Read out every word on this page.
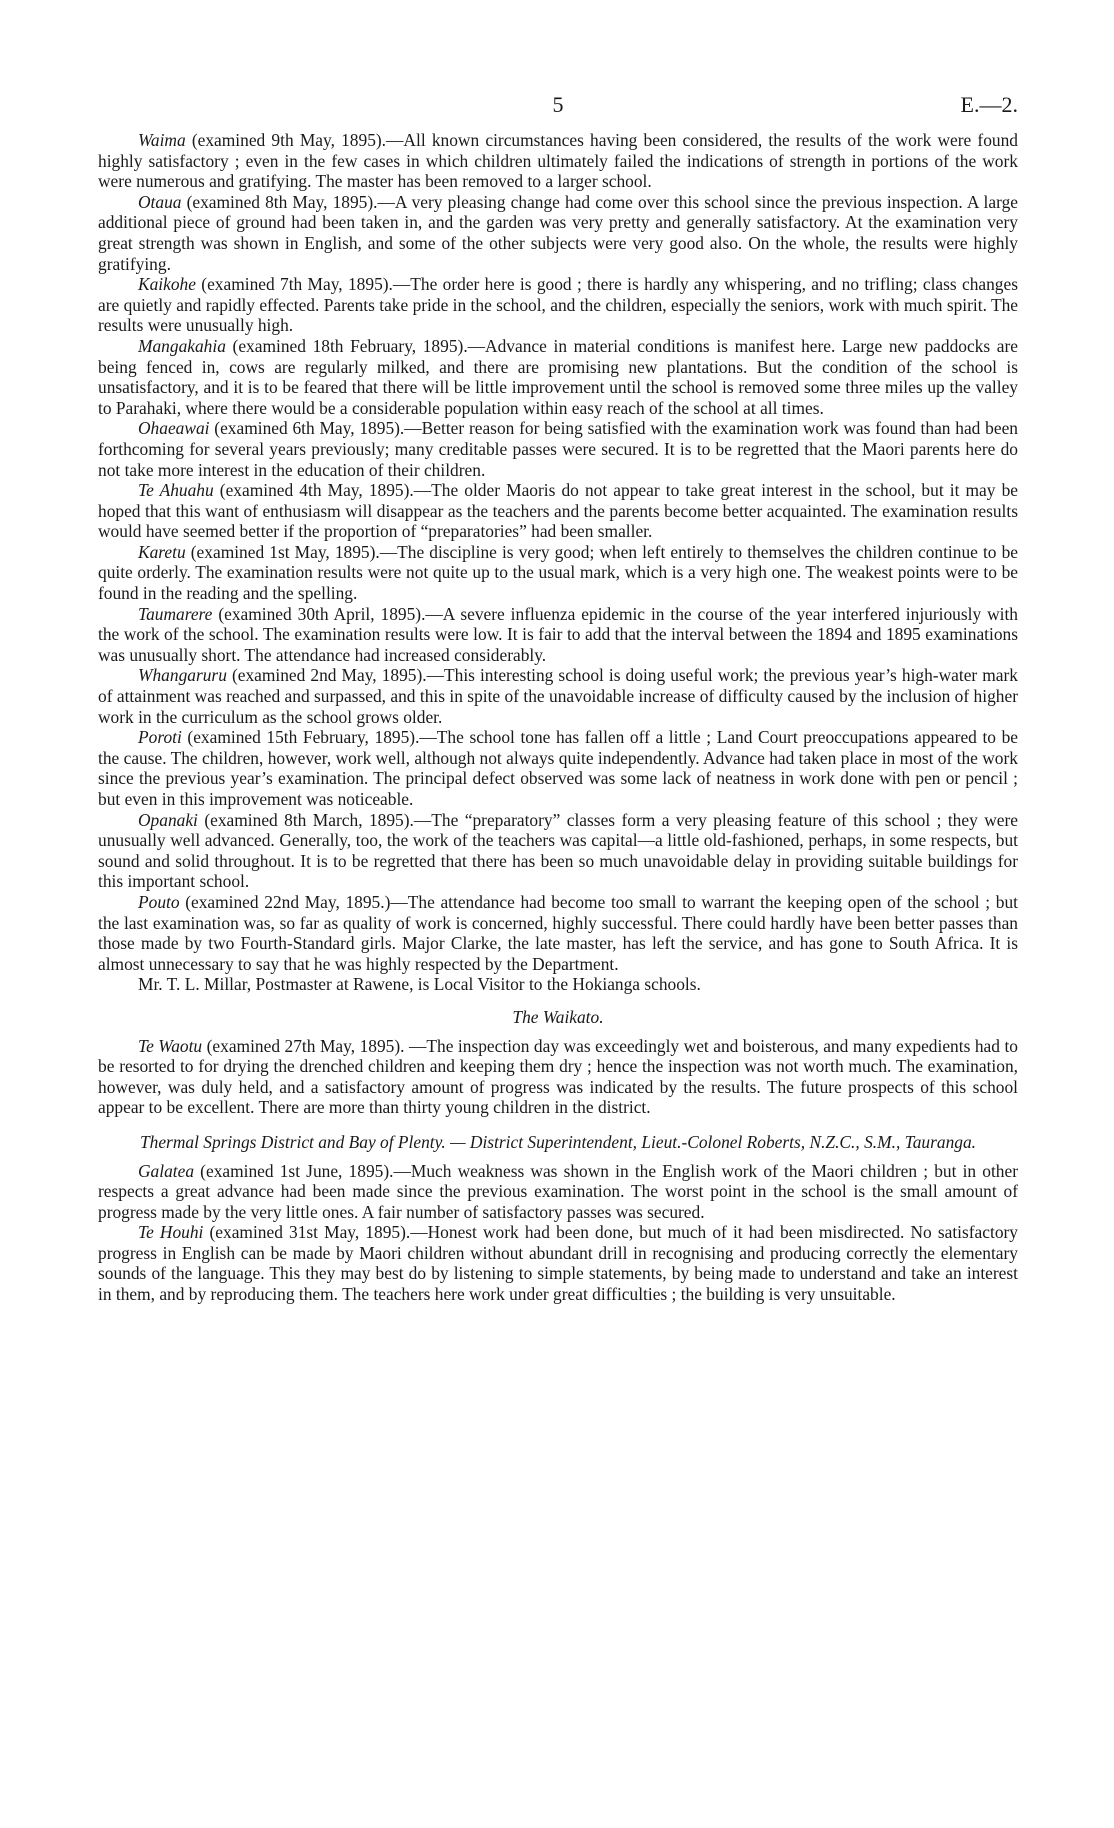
5	E.—2.

Waima (examined 9th May, 1895).—All known circumstances having been considered, the results of the work were found highly satisfactory ; even in the few cases in which children ultimately failed the indications of strength in portions of the work were numerous and gratifying. The master has been removed to a larger school.

Otaua (examined 8th May, 1895).—A very pleasing change had come over this school since the previous inspection. A large additional piece of ground had been taken in, and the garden was very pretty and generally satisfactory. At the examination very great strength was shown in English, and some of the other subjects were very good also. On the whole, the results were highly gratifying.

Kaikohe (examined 7th May, 1895).—The order here is good ; there is hardly any whispering, and no trifling; class changes are quietly and rapidly effected. Parents take pride in the school, and the children, especially the seniors, work with much spirit. The results were unusually high.

Mangakahia (examined 18th February, 1895).—Advance in material conditions is manifest here. Large new paddocks are being fenced in, cows are regularly milked, and there are promising new plantations. But the condition of the school is unsatisfactory, and it is to be feared that there will be little improvement until the school is removed some three miles up the valley to Parahaki, where there would be a considerable population within easy reach of the school at all times.

Ohaeawai (examined 6th May, 1895).—Better reason for being satisfied with the examination work was found than had been forthcoming for several years previously; many creditable passes were secured. It is to be regretted that the Maori parents here do not take more interest in the education of their children.

Te Ahuahu (examined 4th May, 1895).—The older Maoris do not appear to take great interest in the school, but it may be hoped that this want of enthusiasm will disappear as the teachers and the parents become better acquainted. The examination results would have seemed better if the proportion of “preparatories” had been smaller.

Karetu (examined 1st May, 1895).—The discipline is very good; when left entirely to themselves the children continue to be quite orderly. The examination results were not quite up to the usual mark, which is a very high one. The weakest points were to be found in the reading and the spelling.

Taumarere (examined 30th April, 1895).—A severe influenza epidemic in the course of the year interfered injuriously with the work of the school. The examination results were low. It is fair to add that the interval between the 1894 and 1895 examinations was unusually short. The attendance had increased considerably.

Whangaruru (examined 2nd May, 1895).—This interesting school is doing useful work; the previous year’s high-water mark of attainment was reached and surpassed, and this in spite of the unavoidable increase of difficulty caused by the inclusion of higher work in the curriculum as the school grows older.

Poroti (examined 15th February, 1895).—The school tone has fallen off a little ; Land Court preoccupations appeared to be the cause. The children, however, work well, although not always quite independently. Advance had taken place in most of the work since the previous year’s examination. The principal defect observed was some lack of neatness in work done with pen or pencil ; but even in this improvement was noticeable.

Opanaki (examined 8th March, 1895).—The “preparatory” classes form a very pleasing feature of this school ; they were unusually well advanced. Generally, too, the work of the teachers was capital—a little old-fashioned, perhaps, in some respects, but sound and solid throughout. It is to be regretted that there has been so much unavoidable delay in providing suitable buildings for this important school.

Pouto (examined 22nd May, 1895.)—The attendance had become too small to warrant the keeping open of the school ; but the last examination was, so far as quality of work is concerned, highly successful. There could hardly have been better passes than those made by two Fourth-Standard girls. Major Clarke, the late master, has left the service, and has gone to South Africa. It is almost unnecessary to say that he was highly respected by the Department.

Mr. T. L. Millar, Postmaster at Rawene, is Local Visitor to the Hokianga schools.

The Waikato.

Te Waotu (examined 27th May, 1895). —The inspection day was exceedingly wet and boisterous, and many expedients had to be resorted to for drying the drenched children and keeping them dry ; hence the inspection was not worth much. The examination, however, was duly held, and a satisfactory amount of progress was indicated by the results. The future prospects of this school appear to be excellent. There are more than thirty young children in the district.

Thermal Springs District and Bay of Plenty. — District Superintendent, Lieut.-Colonel Roberts, N.Z.C., S.M., Tauranga.

Galatea (examined 1st June, 1895).—Much weakness was shown in the English work of the Maori children ; but in other respects a great advance had been made since the previous examination. The worst point in the school is the small amount of progress made by the very little ones. A fair number of satisfactory passes was secured.

Te Houhi (examined 31st May, 1895).—Honest work had been done, but much of it had been misdirected. No satisfactory progress in English can be made by Maori children without abundant drill in recognising and producing correctly the elementary sounds of the language. This they may best do by listening to simple statements, by being made to understand and take an interest in them, and by reproducing them. The teachers here work under great difficulties ; the building is very unsuitable.
